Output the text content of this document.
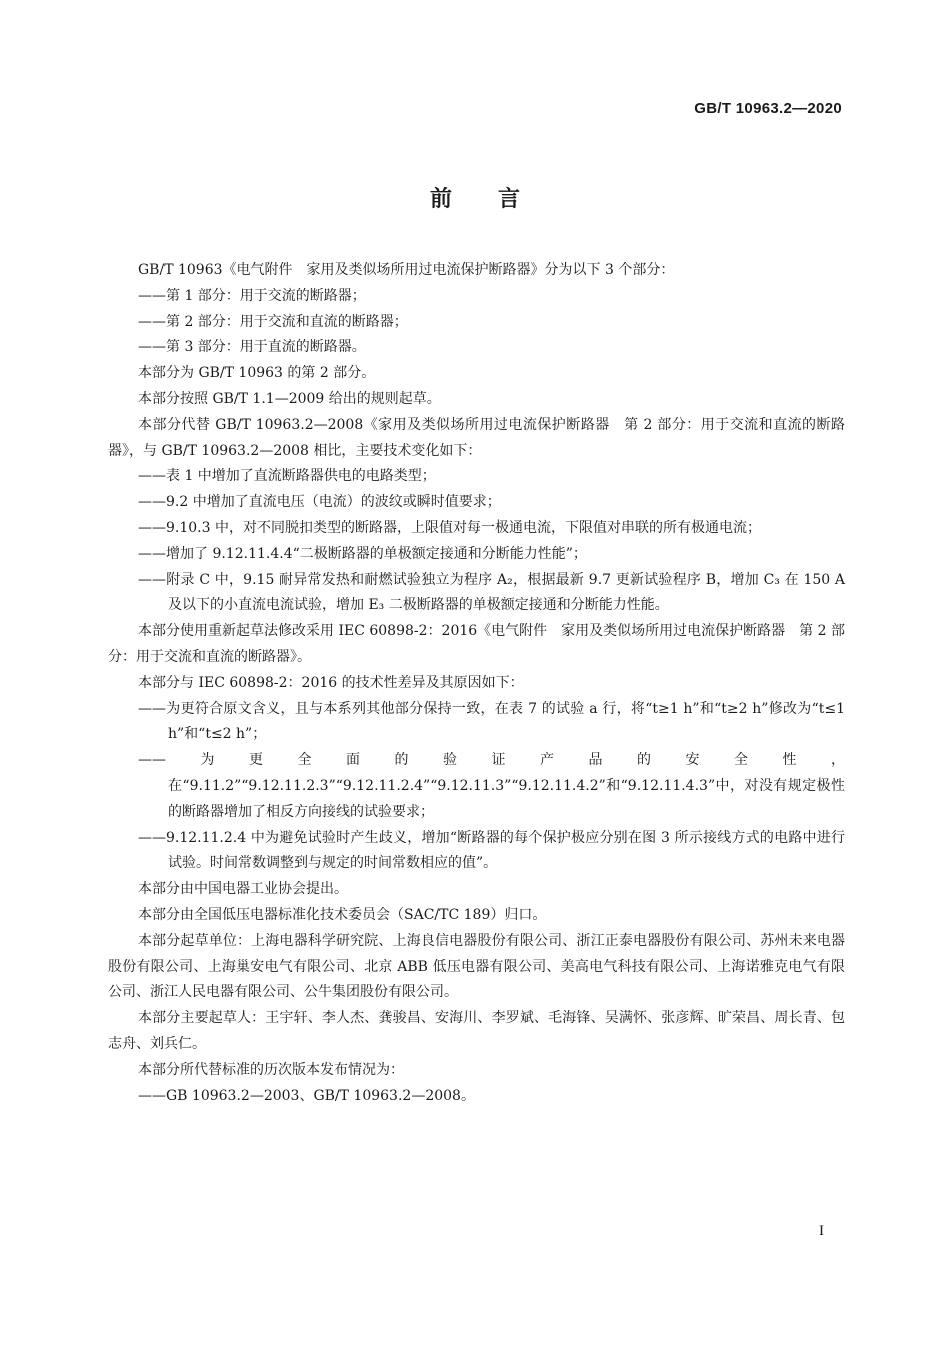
GB/T 10963.2—2020
前言
GB/T 10963《电气附件　家用及类似场所用过电流保护断路器》分为以下 3 个部分：
——第 1 部分：用于交流的断路器；
——第 2 部分：用于交流和直流的断路器；
——第 3 部分：用于直流的断路器。
本部分为 GB/T 10963 的第 2 部分。
本部分按照 GB/T 1.1—2009 给出的规则起草。
本部分代替 GB/T 10963.2—2008《家用及类似场所用过电流保护断路器　第 2 部分：用于交流和直流的断路器》，与 GB/T 10963.2—2008 相比，主要技术变化如下：
——表 1 中增加了直流断路器供电的电路类型；
——9.2 中增加了直流电压（电流）的波纹或瞬时值要求；
——9.10.3 中，对不同脱扣类型的断路器，上限值对每一极通电流，下限值对串联的所有极通电流；
——增加了 9.12.11.4.4“二极断路器的单极额定接通和分断能力性能”；
——附录 C 中，9.15 耐异常发热和耐燃试验独立为程序 A₂，根据最新 9.7 更新试验程序 B，增加 C₃ 在 150 A 及以下的小直流电流试验，增加 E₃ 二极断路器的单极额定接通和分断能力性能。
本部分使用重新起草法修改采用 IEC 60898-2：2016《电气附件　家用及类似场所用过电流保护断路器　第 2 部分：用于交流和直流的断路器》。
本部分与 IEC 60898-2：2016 的技术性差异及其原因如下：
——为更符合原文含义，且与本系列其他部分保持一致，在表 7 的试验 a 行，将“t≥1 h”和“t≥2 h”修改为“t≤1 h”和“t≤2 h”；
——为更全面的验证产品的安全性，在“9.11.2”“9.12.11.2.3”“9.12.11.2.4”“9.12.11.3”“9.12.11.4.2”和“9.12.11.4.3”中，对没有规定极性的断路器增加了相反方向接线的试验要求；
——9.12.11.2.4 中为避免试验时产生歧义，增加“断路器的每个保护极应分别在图 3 所示接线方式的电路中进行试验。时间常数调整到与规定的时间常数相应的值”。
本部分由中国电器工业协会提出。
本部分由全国低压电器标准化技术委员会（SAC/TC 189）归口。
本部分起草单位：上海电器科学研究院、上海良信电器股份有限公司、浙江正泰电器股份有限公司、苏州未来电器股份有限公司、上海巢安电气有限公司、北京 ABB 低压电器有限公司、美高电气科技有限公司、上海诺雅克电气有限公司、浙江人民电器有限公司、公牛集团股份有限公司。
本部分主要起草人：王宇轩、李人杰、龚骏昌、安海川、李罗斌、毛海锋、吴满怀、张彦辉、旷荣昌、周长青、包志舟、刘兵仁。
本部分所代替标准的历次版本发布情况为：
——GB 10963.2—2003、GB/T 10963.2—2008。
I
